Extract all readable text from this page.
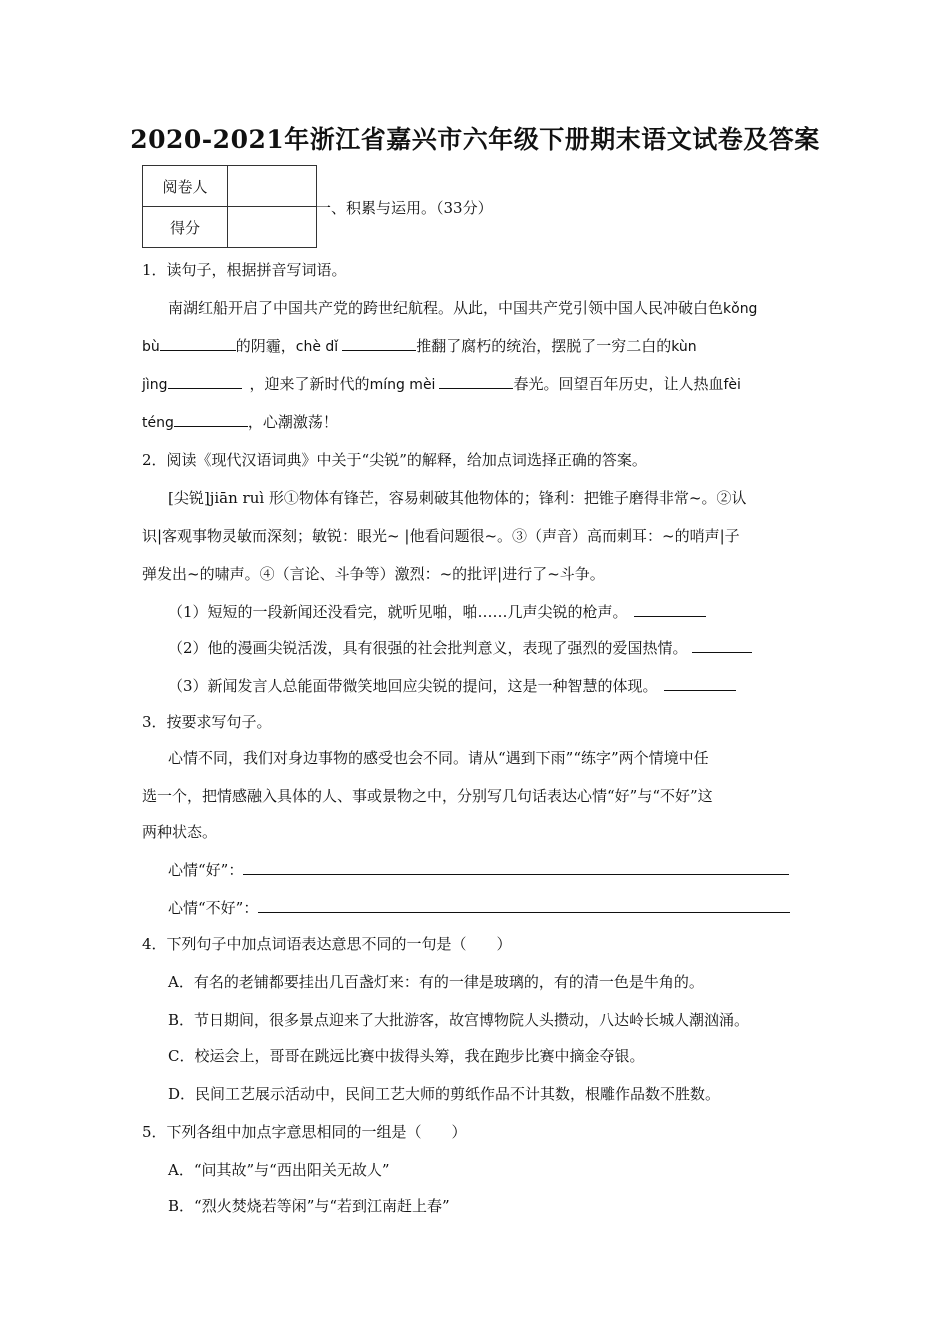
2020-2021年浙江省嘉兴市六年级下册期末语文试卷及答案
阅卷人	
得分	
一、积累与运用。（33分）
1．读句子，根据拼音写词语。
南湖红船开启了中国共产党的跨世纪航程。从此，中国共产党引领中国人民冲破白色kǒng
bù	的阴霾，chè dǐ	推翻了腐朽的统治，摆脱了一穷二白的kùn
jìng	，迎来了新时代的míng mèi	春光。回望百年历史，让人热血fèi
téng	，心潮激荡！
2．阅读《现代汉语词典》中关于“尖锐”的解释，给加点词选择正确的答案。
[尖锐]jiān ruì 形①物体有锋芒，容易刺破其他物体的；锋利：把锥子磨得非常~。②认
识|客观事物灵敏而深刻；敏锐：眼光~ |他看问题很~。③（声音）高而刺耳：~的哨声|子
弹发出~的啸声。④（言论、斗争等）激烈：~的批评|进行了~斗争。
（1）短短的一段新闻还没看完，就听见啪，啪……几声尖锐的枪声。
（2）他的漫画尖锐活泼，具有很强的社会批判意义，表现了强烈的爱国热情。
（3）新闻发言人总能面带微笑地回应尖锐的提问，这是一种智慧的体现。
3．按要求写句子。
心情不同，我们对身边事物的感受也会不同。请从“遇到下雨”“练字”两个情境中任
选一个，把情感融入具体的人、事或景物之中，分别写几句话表达心情“好”与“不好”这
两种状态。
心情“好”：
心情“不好”：
4．下列句子中加点词语表达意思不同的一句是（　　）
A．有名的老铺都要挂出几百盏灯来：有的一律是玻璃的，有的清一色是牛角的。
B．节日期间，很多景点迎来了大批游客，故宫博物院人头攒动，八达岭长城人潮汹涌。
C．校运会上，哥哥在跳远比赛中拔得头筹，我在跑步比赛中摘金夺银。
D．民间工艺展示活动中，民间工艺大师的剪纸作品不计其数，根雕作品数不胜数。
5．下列各组中加点字意思相同的一组是（　　）
A．“问其故”与“西出阳关无故人”
B．“烈火焚烧若等闲”与“若到江南赶上春”
